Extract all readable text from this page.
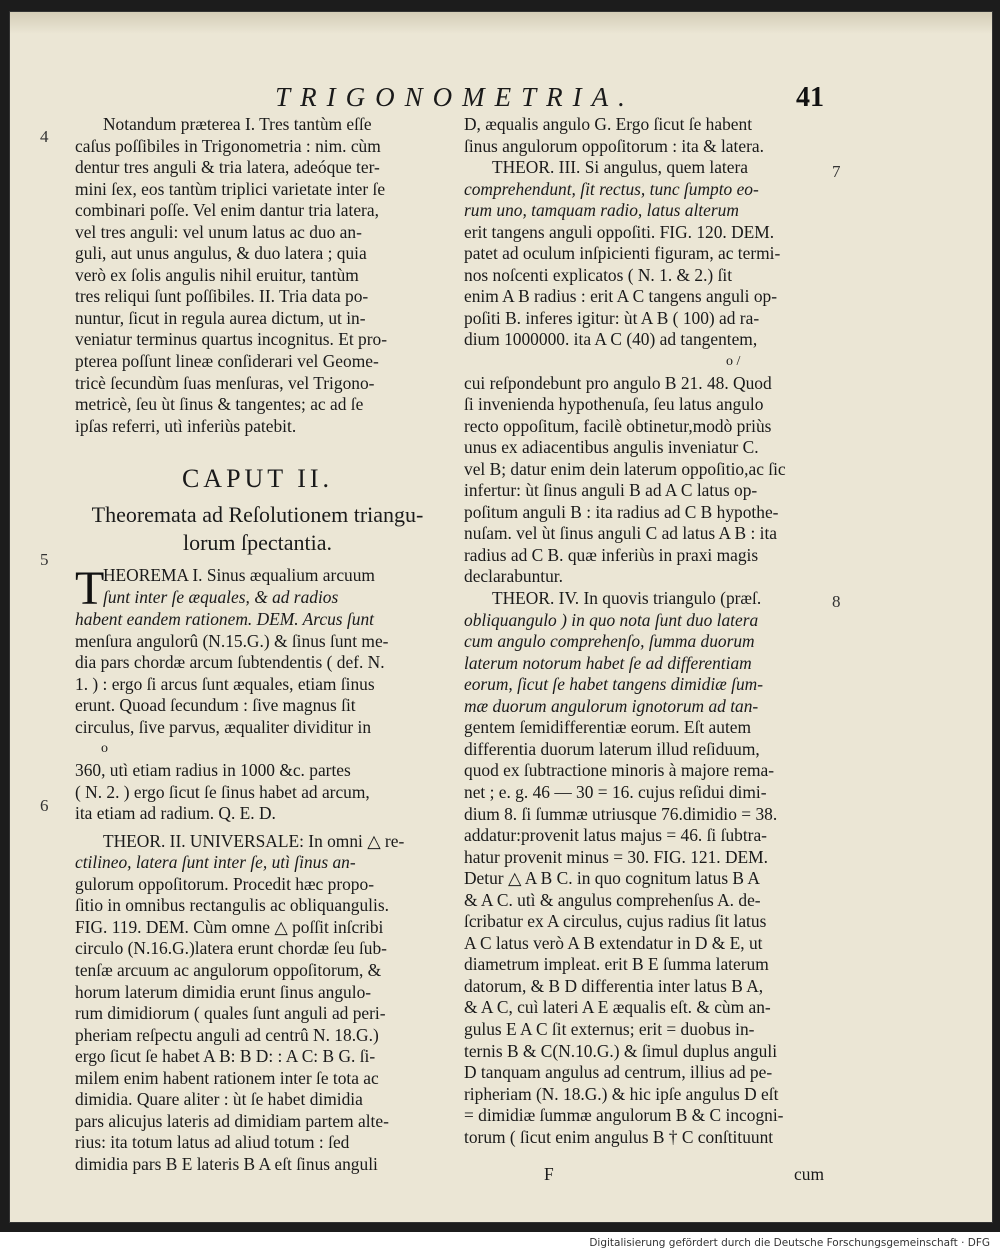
TRIGONOMETRIA.	41
4
5
6
7
8
Notandum præterea I. Tres tantùm eſſe
caſus poſſibiles in Trigonometria : nim. cùm
dentur tres anguli & tria latera, adeóque ter-
mini ſex, eos tantùm triplici varietate inter ſe
combinari poſſe. Vel enim dantur tria latera,
vel tres anguli: vel unum latus ac duo an-
guli, aut unus angulus, & duo latera ; quia
verò ex ſolis angulis nihil eruitur, tantùm
tres reliqui ſunt poſſibiles. II. Tria data po-
nuntur, ſicut in regula aurea dictum, ut in-
veniatur terminus quartus incognitus. Et pro-
pterea poſſunt lineæ conſiderari vel Geome-
tricè ſecundùm ſuas menſuras, vel Trigono-
metricè, ſeu ùt ſinus & tangentes; ac ad ſe
ipſas referri, utì inferiùs patebit.
CAPUT II.
Theoremata ad Reſolutionem triangu-
lorum ſpectantia.
T
HEOREMA I. Sinus æqualium arcuum
ſunt inter ſe æquales, & ad radios
habent eandem rationem. DEM. Arcus ſunt
menſura angulorû (N.15.G.) & ſinus ſunt me-
dia pars chordæ arcum ſubtendentis ( def. N.
1. ) : ergo ſi arcus ſunt æquales, etiam ſinus
erunt. Quoad ſecundum : ſive magnus ſit
circulus, ſive parvus, æqualiter dividitur in
o
360, utì etiam radius in 1000 &c. partes
( N. 2. ) ergo ſicut ſe ſinus habet ad arcum,
ita etiam ad radium. Q. E. D.
THEOR. II. UNIVERSALE: In omni △ re-
ctilineo, latera ſunt inter ſe, utì ſinus an-
gulorum oppoſitorum. Procedit hæc propo-
ſitio in omnibus rectangulis ac obliquangulis.
FIG. 119. DEM. Cùm omne △ poſſit inſcribi
circulo (N.16.G.)latera erunt chordæ ſeu ſub-
tenſæ arcuum ac angulorum oppoſitorum, &
horum laterum dimidia erunt ſinus angulo-
rum dimidiorum ( quales ſunt anguli ad peri-
pheriam reſpectu anguli ad centrû N. 18.G.)
ergo ſicut ſe habet A B: B D: : A C: B G. ſi-
milem enim habent rationem inter ſe tota ac
dimidia. Quare aliter : ùt ſe habet dimidia
pars alicujus lateris ad dimidiam partem alte-
rius: ita totum latus ad aliud totum : ſed
dimidia pars B E lateris B A eſt ſinus anguli
D, æqualis angulo G. Ergo ſicut ſe habent
ſinus angulorum oppoſitorum : ita & latera.
THEOR. III. Si angulus, quem latera
comprehendunt, ſit rectus, tunc ſumpto eo-
rum uno, tamquam radio, latus alterum
erit tangens anguli oppoſiti. FIG. 120. DEM.
patet ad oculum inſpicienti figuram, ac termi-
nos noſcenti explicatos ( N. 1. & 2.) ſit
enim A B radius : erit A C tangens anguli op-
poſiti B. inferes igitur: ùt A B ( 100) ad ra-
dium 1000000. ita A C (40) ad tangentem,
o /
cui reſpondebunt pro angulo B 21. 48. Quod
ſi invenienda hypothenuſa, ſeu latus angulo
recto oppoſitum, facilè obtinetur,modò priùs
unus ex adiacentibus angulis inveniatur C.
vel B; datur enim dein laterum oppoſitio,ac ſic
infertur: ùt ſinus anguli B ad A C latus op-
poſitum anguli B : ita radius ad C B hypothe-
nuſam. vel ùt ſinus anguli C ad latus A B : ita
radius ad C B. quæ inferiùs in praxi magis
declarabuntur.
THEOR. IV. In quovis triangulo (præſ.
obliquangulo ) in quo nota ſunt duo latera
cum angulo comprehenſo, ſumma duorum
laterum notorum habet ſe ad differentiam
eorum, ſicut ſe habet tangens dimidiæ ſum-
mæ duorum angulorum ignotorum ad tan-
gentem ſemidifferentiæ eorum. Eſt autem
differentia duorum laterum illud reſiduum,
quod ex ſubtractione minoris à majore rema-
net ; e. g. 46 — 30 = 16. cujus reſidui dimi-
dium 8. ſi ſummæ utriusque 76.dimidio = 38.
addatur:provenit latus majus = 46. ſi ſubtra-
hatur provenit minus = 30. FIG. 121. DEM.
Detur △ A B C. in quo cognitum latus B A
& A C. utì & angulus comprehenſus A. de-
ſcribatur ex A circulus, cujus radius ſit latus
A C latus verò A B extendatur in D & E, ut
diametrum impleat. erit B E ſumma laterum
datorum, & B D differentia inter latus B A,
& A C, cuì lateri A E æqualis eſt. & cùm an-
gulus E A C ſit externus; erit = duobus in-
ternis B & C(N.10.G.) & ſimul duplus anguli
D tanquam angulus ad centrum, illius ad pe-
ripheriam (N. 18.G.) & hic ipſe angulus D eſt
= dimidiæ ſummæ angulorum B & C incogni-
torum ( ſicut enim angulus B † C conſtituunt
F	cum
Digitalisierung gefördert durch die Deutsche Forschungsgemeinschaft · DFG
